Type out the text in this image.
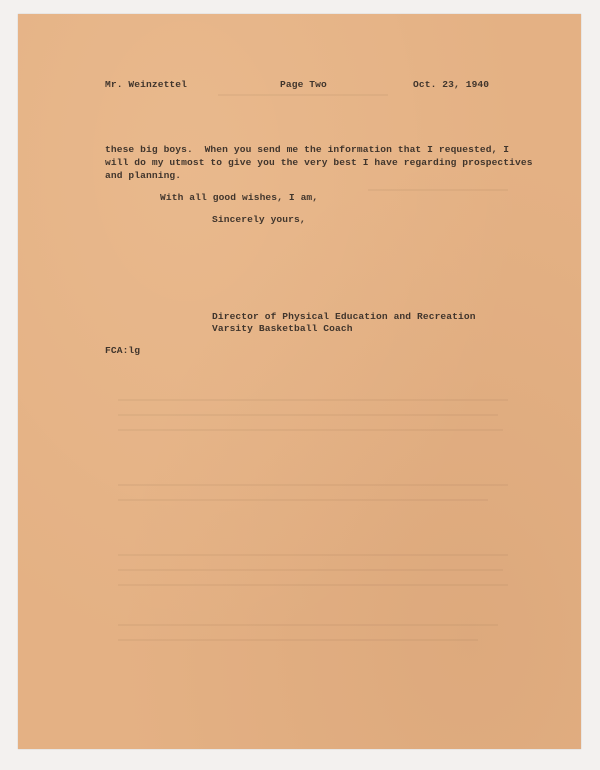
Mr. Weinzettel	Page Two	Oct. 23, 1940
these big boys.  When you send me the information that I requested, I
will do my utmost to give you the very best I have regarding prospectives
and planning.
With all good wishes, I am,
Sincerely yours,
Director of Physical Education and Recreation
Varsity Basketball Coach
FCA:lg
